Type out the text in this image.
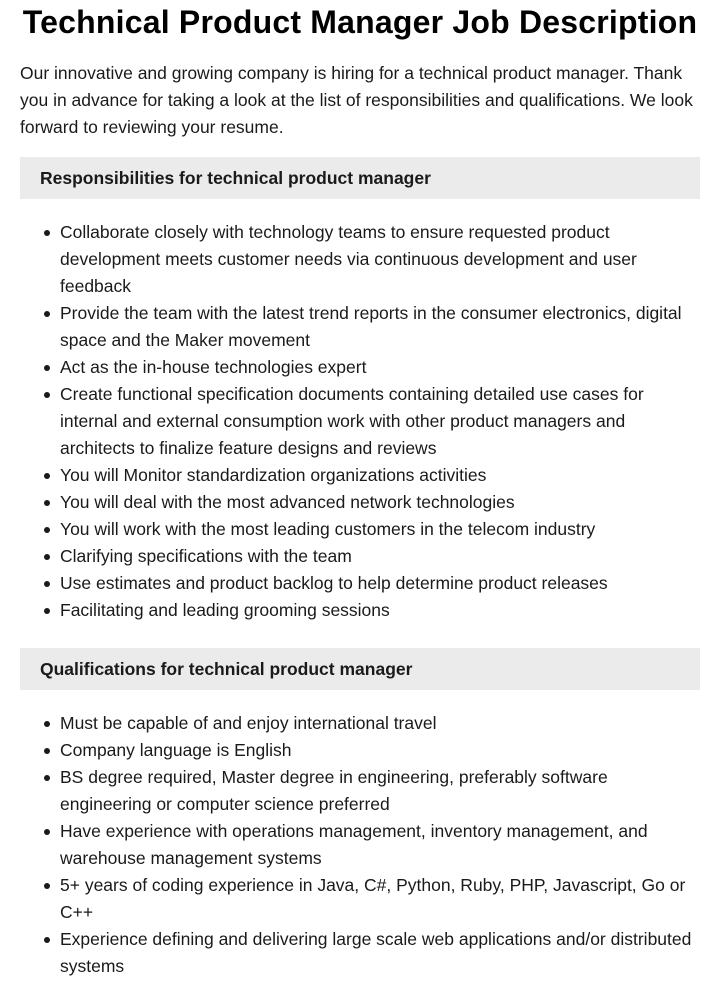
Technical Product Manager Job Description

Our innovative and growing company is hiring for a technical product manager. Thank you in advance for taking a look at the list of responsibilities and qualifications. We look forward to reviewing your resume.

Responsibilities for technical product manager
Collaborate closely with technology teams to ensure requested product development meets customer needs via continuous development and user feedback
Provide the team with the latest trend reports in the consumer electronics, digital space and the Maker movement
Act as the in-house technologies expert
Create functional specification documents containing detailed use cases for internal and external consumption work with other product managers and architects to finalize feature designs and reviews
You will Monitor standardization organizations activities
You will deal with the most advanced network technologies
You will work with the most leading customers in the telecom industry
Clarifying specifications with the team
Use estimates and product backlog to help determine product releases
Facilitating and leading grooming sessions
Qualifications for technical product manager
Must be capable of and enjoy international travel
Company language is English
BS degree required, Master degree in engineering, preferably software engineering or computer science preferred
Have experience with operations management, inventory management, and warehouse management systems
5+ years of coding experience in Java, C#, Python, Ruby, PHP, Javascript, Go or C++
Experience defining and delivering large scale web applications and/or distributed systems
